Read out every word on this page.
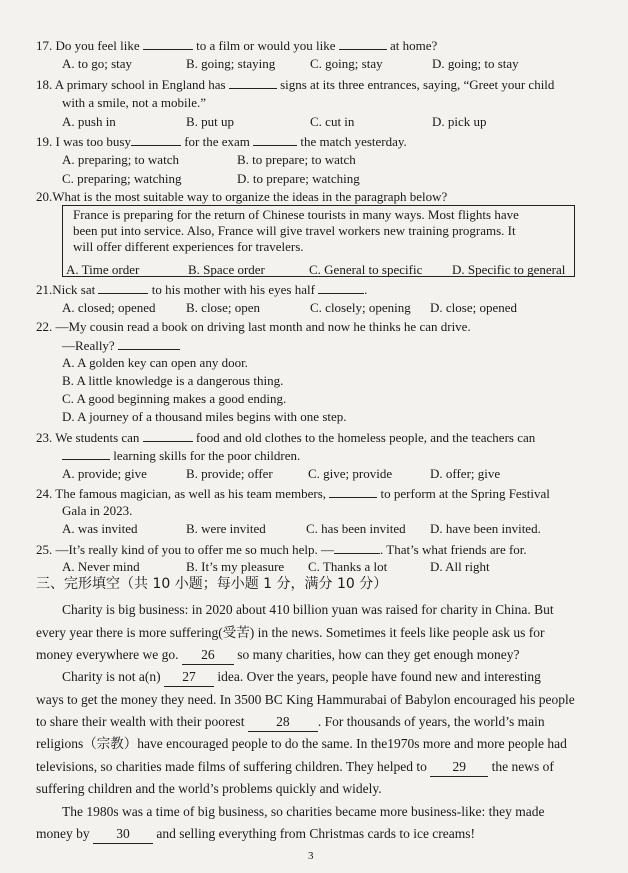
17. Do you feel like	to a film or would you like	at home?
A. to go; stay	B. going; staying	C. going; stay	D. going; to stay
18. A primary school in England has	signs at its three entrances, saying, “Greet your child
with a smile, not a mobile.”
A. push in	B. put up	C. cut in	D. pick up
19. I was too busy	for the exam	the match yesterday.
A. preparing; to watch	B. to prepare; to watch
C. preparing; watching	D. to prepare; watching
20.What is the most suitable way to organize the ideas in the paragraph below?
France is preparing for the return of Chinese tourists in many ways. Most flights have
been put into service. Also, France will give travel workers new training programs. It
will offer different experiences for travelers.
A. Time order	B. Space order	C. General to specific D. Specific to general
21.Nick sat	to his mother with his eyes half	.
A. closed; opened B. close; open	C. closely; opening D. close; opened
22. —My cousin read a book on driving last month and now he thinks he can drive.
—Really?
A. A golden key can open any door.
B. A little knowledge is a dangerous thing.
C. A good beginning makes a good ending.
D. A journey of a thousand miles begins with one step.
23. We students can	food and old clothes to the homeless people, and the teachers can
learning skills for the poor children.
A. provide; give	B. provide; offer	C. give; provide	D. offer; give
24. The famous magician, as well as his team members,	to perform at the Spring Festival
Gala in 2023.
A. was invited	B. were invited	C. has been invited D. have been invited.
25. —It’s really kind of you to offer me so much help. —	. That’s what friends are for.
A. Never mind	B. It’s my pleasure C. Thanks a lot	D. All right
三、完形填空（共 10 小题；每小题 1 分，满分 10 分）
Charity is big business: in 2020 about 410 billion yuan was raised for charity in China. But
every year there is more suffering(受苦) in the news. Sometimes it feels like people ask us for
money everywhere we go. 26 so many charities, how can they get enough money?
Charity is not a(n) 27 idea. Over the years, people have found new and interesting
ways to get the money they need. In 3500 BC King Hammurabai of Babylon encouraged his people
to share their wealth with their poorest 28 . For thousands of years, the world’s main
religions（宗教）have encouraged people to do the same. In the1970s more and more people had
televisions, so charities made films of suffering children. They helped to 29 the news of
suffering children and the world’s problems quickly and widely.
The 1980s was a time of big business, so charities became more business-like: they made
money by 30 and selling everything from Christmas cards to ice creams!
3
